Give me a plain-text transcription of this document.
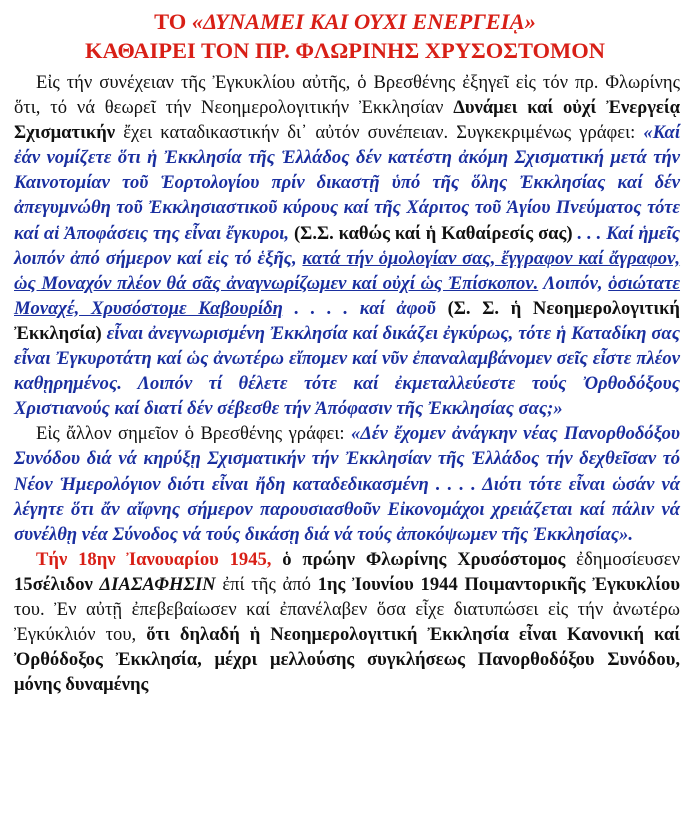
ΤΟ «ΔΥΝΑΜΕΙ ΚΑΙ ΟΥΧΙ ΕΝΕΡΓΕΙᾼ»
ΚΑΘΑΙΡΕΙ ΤΟΝ ΠΡ. ΦΛΩΡΙΝΗΣ ΧΡΥΣΟΣΤΟΜΟΝ

Εἰς τήν συνέχειαν τῆς Ἐγκυκλίου αὐτῆς, ὁ Βρεσθένης ἐξηγεῖ εἰς τόν πρ. Φλωρίνης ὅτι, τό νά θεωρεῖ τήν Νεοημερολογιτικήν Ἐκκλησίαν Δυνάμει καί οὐχί Ἐνεργείᾳ Σχισματικήν ἔχει καταδικαστικήν δι᾽ αὐτόν συνέπειαν. Συγκεκριμένως γράφει: «Καί ἐάν νομίζετε ὅτι ἡ Ἐκκλησία τῆς Ἑλλάδος δέν κατέστη ἀκόμη Σχισματική μετά τήν Καινοτομίαν τοῦ Ἑορτολογίου πρίν δικαστῇ ὑπό τῆς ὅλης Ἐκκλησίας καί δέν ἀπεγυμνώθη τοῦ Ἐκκλησιαστικοῦ κύρους καί τῆς Χάριτος τοῦ Ἁγίου Πνεύματος τότε καί αἱ Ἀποφάσεις της εἶναι ἔγκυροι, (Σ.Σ. καθώς καί ἡ Καθαίρεσίς σας) . . . Καί ἡμεῖς λοιπόν ἀπό σήμερον καί εἰς τό ἑξῆς, κατά τήν ὁμολογίαν σας, ἔγγραφον καί ἄγραφον, ὡς Μοναχόν πλέον θά σᾶς ἀναγνωρίζωμεν καί οὐχί ὡς Ἐπίσκοπον. Λοιπόν, ὁσιώτατε Μοναχέ, Χρυσόστομε Καβουρίδη . . . . καί ἀφοῦ (Σ. Σ. ἡ Νεοημερολογιτική Ἐκκλησία) εἶναι ἀνεγνωρισμένη Ἐκκλησία καί δικάζει ἐγκύρως, τότε ἡ Καταδίκη σας εἶναι Ἐγκυροτάτη καί ὡς ἀνωτέρω εἴπομεν καί νῦν ἐπαναλαμβάνομεν σεῖς εἶστε πλέον καθῃρημένος. Λοιπόν τί θέλετε τότε καί ἐκμεταλλεύεστε τούς Ὀρθοδόξους Χριστιανούς καί διατί δέν σέβεσθε τήν Ἀπόφασιν τῆς Ἐκκλησίας σας;»

Εἰς ἄλλον σημεῖον ὁ Βρεσθένης γράφει: «Δέν ἔχομεν ἀνάγκην νέας Πανορθοδόξου Συνόδου διά νά κηρύξῃ Σχισματικήν τήν Ἐκκλησίαν τῆς Ἑλλάδος τήν δεχθεῖσαν τό Νέον Ἡμερολόγιον διότι εἶναι ἤδη καταδεδικασμένη . . . . Διότι τότε εἶναι ὡσάν νά λέγητε ὅτι ἄν αἴφνης σήμερον παρουσιασθοῦν Εἰκονομάχοι χρειάζεται καί πάλιν νά συνέλθῃ νέα Σύνοδος νά τούς δικάσῃ διά νά τούς ἀποκόψωμεν τῆς Ἐκκλησίας».

Τήν 18ην Ἰανουαρίου 1945, ὁ πρώην Φλωρίνης Χρυσόστομος ἐδημοσίευσεν 15σέλιδον ΔΙΑΣΑΦΗΣΙΝ ἐπί τῆς ἀπό 1ης Ἰουνίου 1944 Ποιμαντορικῆς Ἐγκυκλίου του. Ἐν αὐτῇ ἐπεβεβαίωσεν καί ἐπανέλαβεν ὅσα εἶχε διατυπώσει εἰς τήν ἀνωτέρω Ἐγκύκλιόν του, ὅτι δηλαδή ἡ Νεοημερολογιτική Ἐκκλησία εἶναι Κανονική καί Ὀρθόδοξος Ἐκκλησία, μέχρι μελλούσης συγκλήσεως Πανορθοδόξου Συνόδου, μόνης δυναμένης
